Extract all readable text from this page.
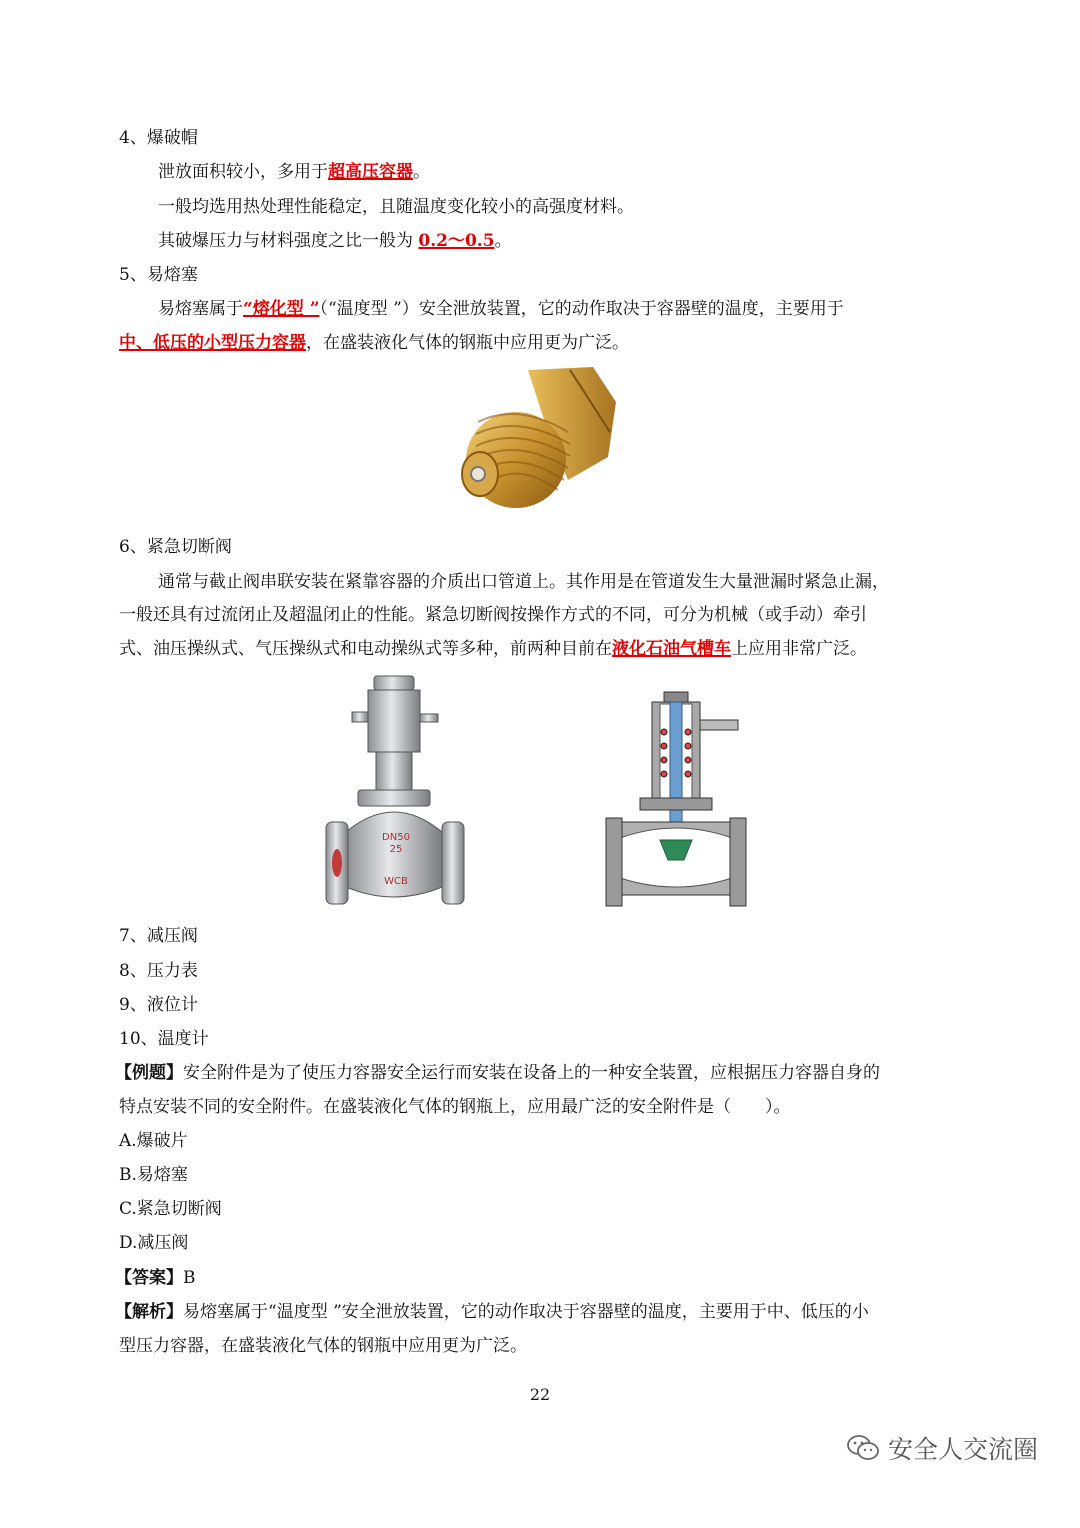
4、爆破帽
泄放面积较小，多用于超高压容器。
一般均选用热处理性能稳定，且随温度变化较小的高强度材料。
其破爆压力与材料强度之比一般为 0.2～0.5。
5、易熔塞
易熔塞属于“熔化型 ”（“温度型 ”）安全泄放装置，它的动作取决于容器壁的温度，主要用于
中、低压的小型压力容器，在盛装液化气体的钢瓶中应用更为广泛。
6、紧急切断阀
通常与截止阀串联安装在紧靠容器的介质出口管道上。其作用是在管道发生大量泄漏时紧急止漏，
一般还具有过流闭止及超温闭止的性能。紧急切断阀按操作方式的不同，可分为机械（或手动）牵引
式、油压操纵式、气压操纵式和电动操纵式等多种，前两种目前在液化石油气槽车上应用非常广泛。
DN50
25
WCB
7、减压阀
8、压力表
9、液位计
10、温度计
【例题】安全附件是为了使压力容器安全运行而安装在设备上的一种安全装置，应根据压力容器自身的
特点安装不同的安全附件。在盛装液化气体的钢瓶上，应用最广泛的安全附件是（　　）。
A.爆破片
B.易熔塞
C.紧急切断阀
D.减压阀
【答案】B
【解析】易熔塞属于“温度型 ”安全泄放装置，它的动作取决于容器壁的温度，主要用于中、低压的小
型压力容器，在盛装液化气体的钢瓶中应用更为广泛。
22
安全人交流圈
